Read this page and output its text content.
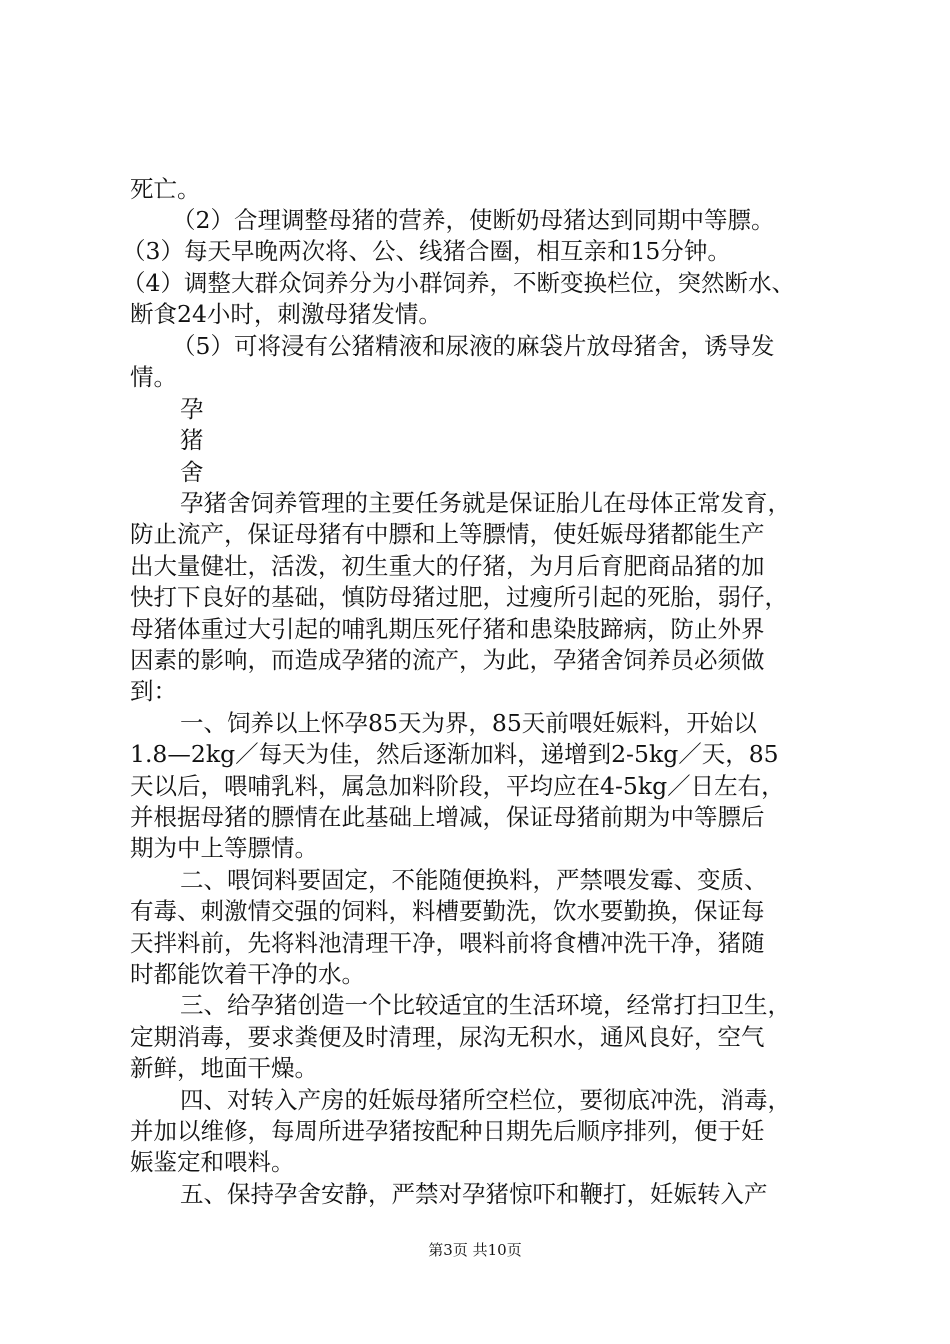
死亡。
（2）合理调整母猪的营养，使断奶母猪达到同期中等膘。
（3）每天早晚两次将、公、线猪合圈，相互亲和15分钟。
（4）调整大群众饲养分为小群饲养，不断变换栏位，突然断水、
断食24小时，刺激母猪发情。
（5）可将浸有公猪精液和尿液的麻袋片放母猪舍，诱导发
情。
孕
猪
舍
孕猪舍饲养管理的主要任务就是保证胎儿在母体正常发育，
防止流产，保证母猪有中膘和上等膘情，使妊娠母猪都能生产
出大量健壮，活泼，初生重大的仔猪，为月后育肥商品猪的加
快打下良好的基础，慎防母猪过肥，过瘦所引起的死胎，弱仔，
母猪体重过大引起的哺乳期压死仔猪和患染肢蹄病，防止外界
因素的影响，而造成孕猪的流产，为此，孕猪舍饲养员必须做
到：
一、饲养以上怀孕85天为界，85天前喂妊娠料，开始以
1.8—2kg／每天为佳，然后逐渐加料，递增到2-5kg／天，85
天以后，喂哺乳料，属急加料阶段，平均应在4-5kg／日左右，
并根据母猪的膘情在此基础上增减，保证母猪前期为中等膘后
期为中上等膘情。
二、喂饲料要固定，不能随便换料，严禁喂发霉、变质、
有毒、刺激情交强的饲料，料槽要勤洗，饮水要勤换，保证每
天拌料前，先将料池清理干净，喂料前将食槽冲洗干净，猪随
时都能饮着干净的水。
三、给孕猪创造一个比较适宜的生活环境，经常打扫卫生，
定期消毒，要求粪便及时清理，尿沟无积水，通风良好，空气
新鲜，地面干燥。
四、对转入产房的妊娠母猪所空栏位，要彻底冲洗，消毒，
并加以维修，每周所进孕猪按配种日期先后顺序排列，便于妊
娠鉴定和喂料。
五、保持孕舍安静，严禁对孕猪惊吓和鞭打，妊娠转入产
第3页 共10页
